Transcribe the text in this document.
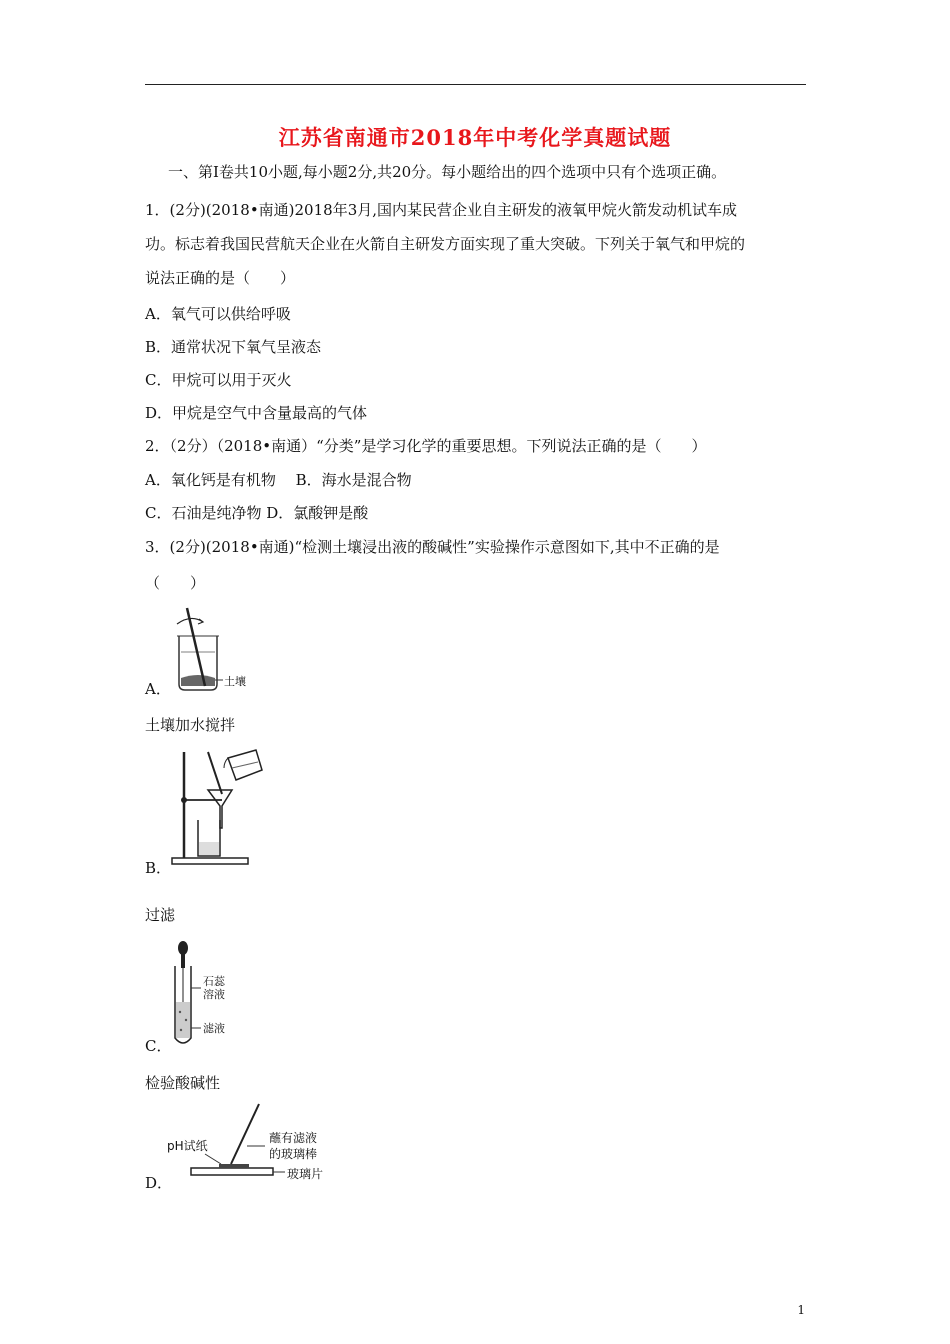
江苏省南通市2018年中考化学真题试题
一、第Ⅰ卷共10小题,每小题2分,共20分。每小题给出的四个选项中只有个选项正确。
1．(2分)(2018•南通)2018年3月,国内某民营企业自主研发的液氧甲烷火箭发动机试车成
功。标志着我国民营航天企业在火箭自主研发方面实现了重大突破。下列关于氧气和甲烷的
说法正确的是（　　）
A．氧气可以供给呼吸
B．通常状况下氧气呈液态
C．甲烷可以用于灭火
D．甲烷是空气中含量最高的气体
2．（2分）（2018•南通）“分类”是学习化学的重要思想。下列说法正确的是（　　）
A．氧化钙是有机物　 B．海水是混合物
C．石油是纯净物 D．氯酸钾是酸
3．(2分)(2018•南通)“检测土壤浸出液的酸碱性”实验操作示意图如下,其中不正确的是
（　　）
土壤
A．
土壤加水搅拌
B．
过滤
石蕊
溶液
滤液
C．
检验酸碱性
pH试纸
蘸有滤液
的玻璃棒
玻璃片
D．
1
